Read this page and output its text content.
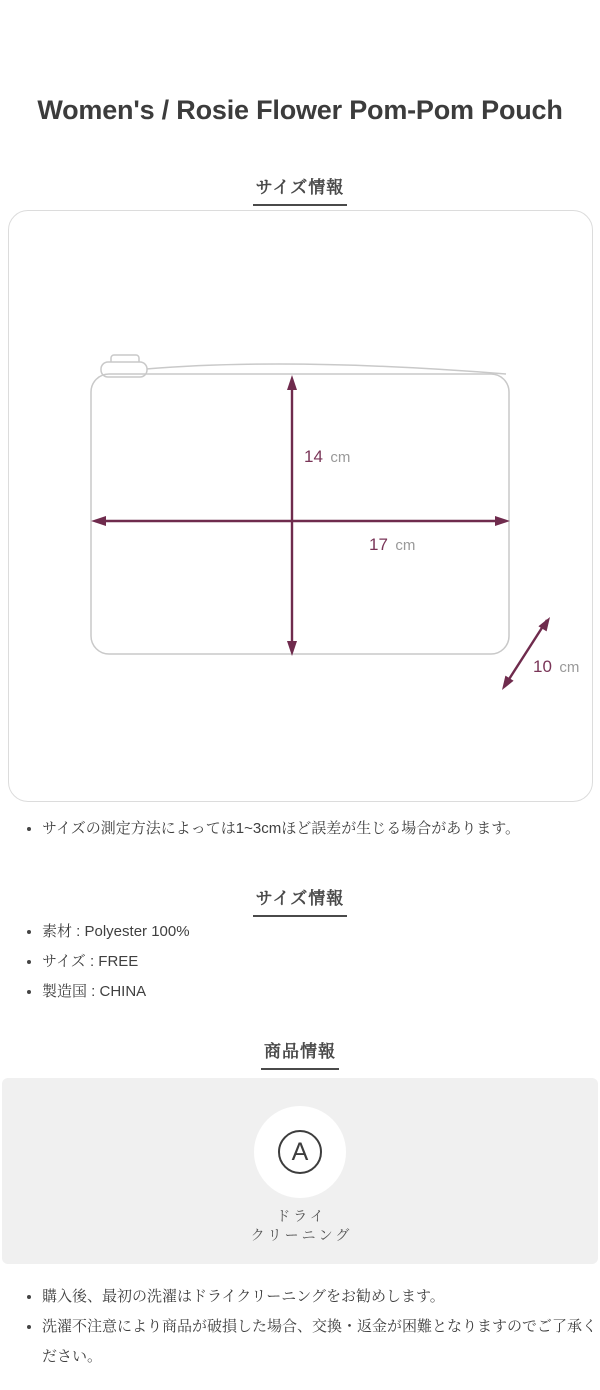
Women's / Rosie Flower Pom-Pom Pouch
サイズ情報
14 cm
17 cm
10 cm
• サイズの測定方法によっては1~3cmほど誤差が生じる場合があります。
サイズ情報
• 素材 : Polyester 100%
• サイズ : FREE
• 製造国 : CHINA
商品情報
A
ドライ
クリーニング
• 購入後、最初の洗濯はドライクリーニングをお勧めします。
• 洗濯不注意により商品が破損した場合、交換・返金が困難となりますのでご了承ください。
